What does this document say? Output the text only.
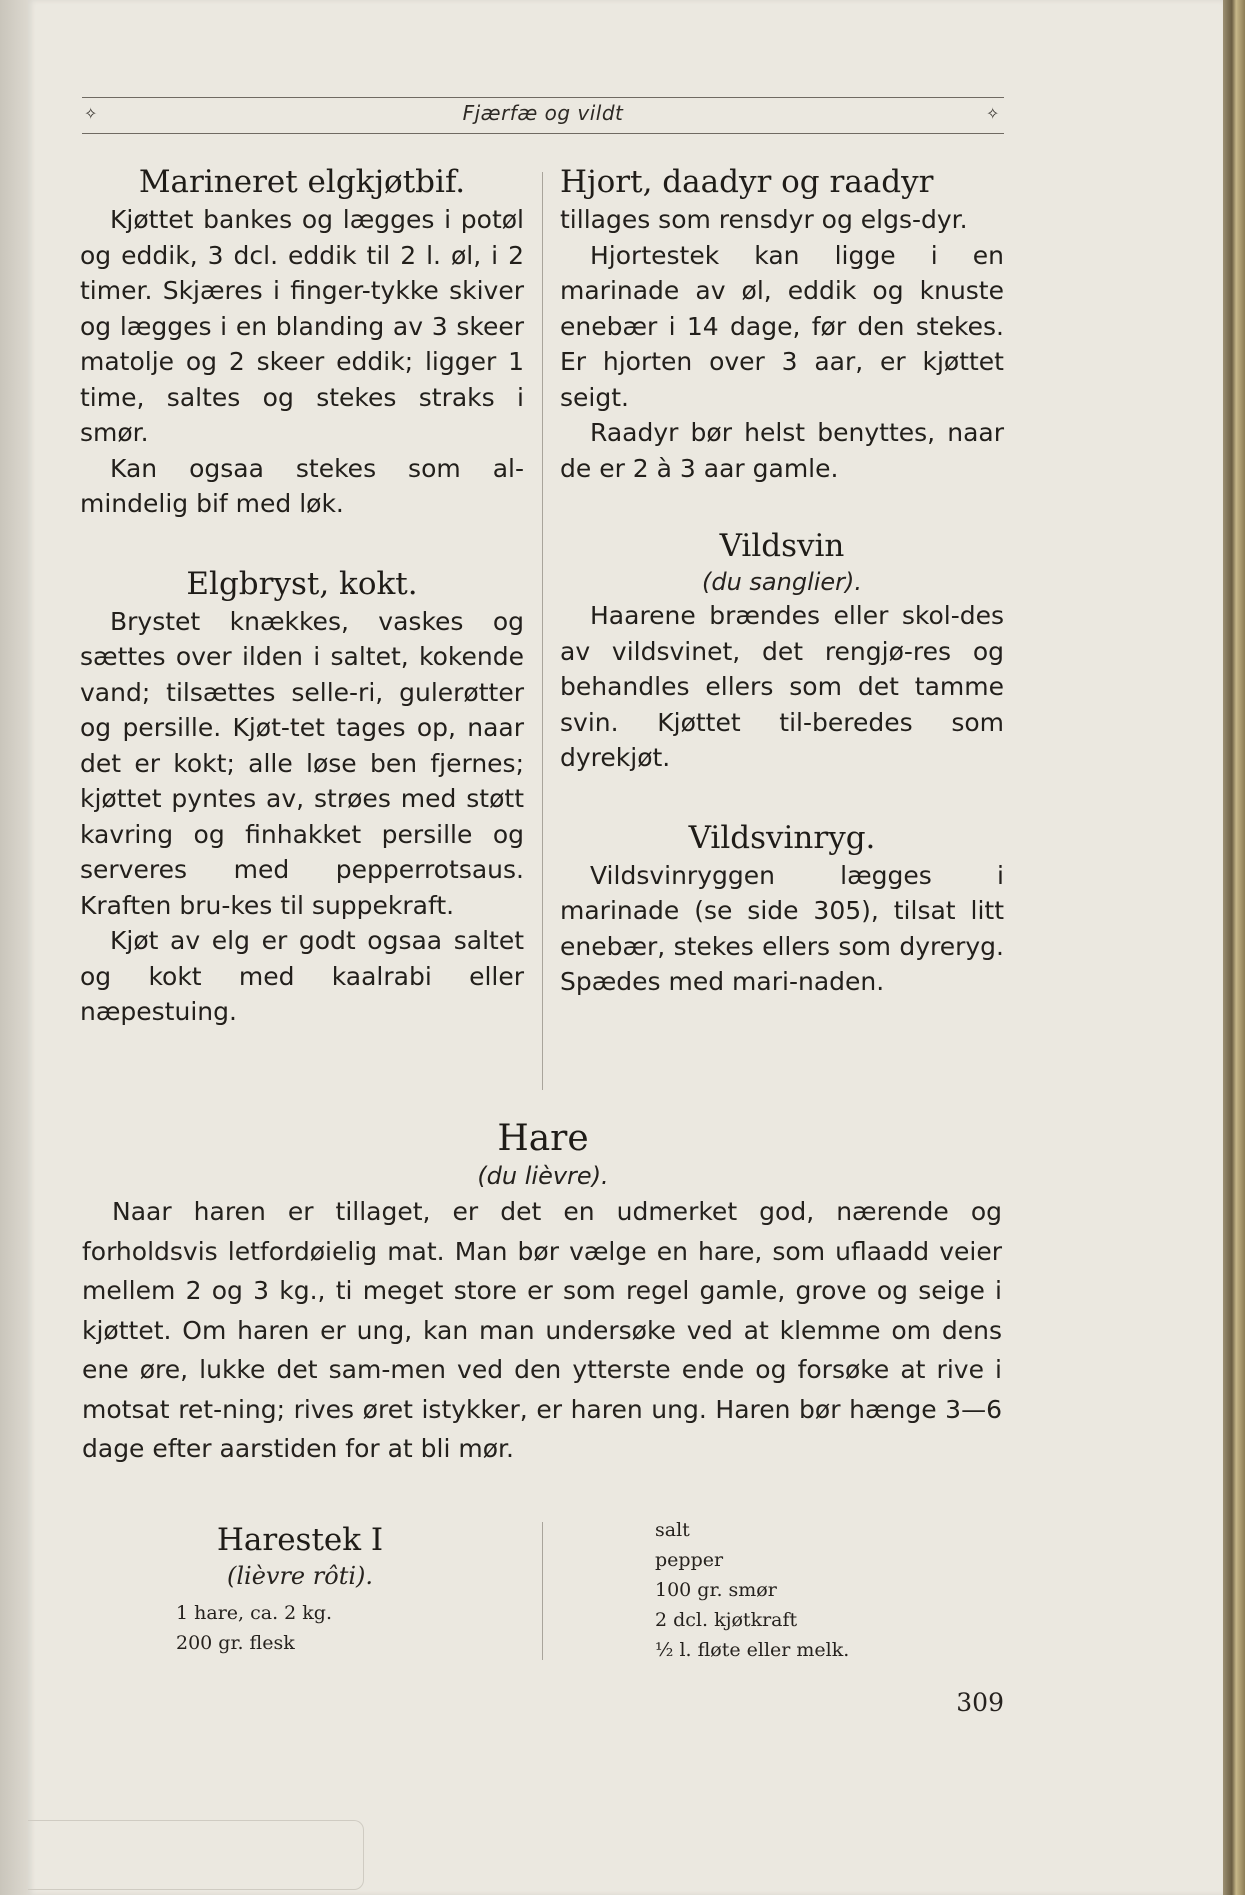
✧	Fjærfæ og vildt	✧
Marineret elgkjøtbif.

Kjøttet bankes og lægges i potøl og eddik, 3 dcl. eddik til 2 l. øl, i 2 timer. Skjæres i finger-tykke skiver og lægges i en blanding av 3 skeer matolje og 2 skeer eddik; ligger 1 time, saltes og stekes straks i smør.

Kan ogsaa stekes som al-mindelig bif med løk.

Elgbryst, kokt.

Brystet knækkes, vaskes og sættes over ilden i saltet, kokende vand; tilsættes selle-ri, gulerøtter og persille. Kjøt-tet tages op, naar det er kokt; alle løse ben fjernes; kjøttet pyntes av, strøes med støtt kavring og finhakket persille og serveres med pepperrotsaus. Kraften bru-kes til suppekraft.

Kjøt av elg er godt ogsaa saltet og kokt med kaalrabi eller næpestuing.

Hjort, daadyr og raadyr

tillages som rensdyr og elgs-dyr.

Hjortestek kan ligge i en marinade av øl, eddik og knuste enebær i 14 dage, før den stekes. Er hjorten over 3 aar, er kjøttet seigt.

Raadyr bør helst benyttes, naar de er 2 à 3 aar gamle.

Vildsvin
(du sanglier).

Haarene brændes eller skol-des av vildsvinet, det rengjø-res og behandles ellers som det tamme svin. Kjøttet til-beredes som dyrekjøt.

Vildsvinryg.

Vildsvinryggen lægges i marinade (se side 305), tilsat litt enebær, stekes ellers som dyreryg. Spædes med mari-naden.

Hare
(du lièvre).

Naar haren er tillaget, er det en udmerket god, nærende og forholdsvis letfordøielig mat. Man bør vælge en hare, som uflaadd veier mellem 2 og 3 kg., ti meget store er som regel gamle, grove og seige i kjøttet. Om haren er ung, kan man undersøke ved at klemme om dens ene øre, lukke det sam-men ved den ytterste ende og forsøke at rive i motsat ret-ning; rives øret istykker, er haren ung. Haren bør hænge 3—6 dage efter aarstiden for at bli mør.

Harestek I
(lièvre rôti).
1 hare, ca. 2 kg.
200 gr. flesk
salt
pepper
100 gr. smør
2 dcl. kjøtkraft
½ l. fløte eller melk.
309
